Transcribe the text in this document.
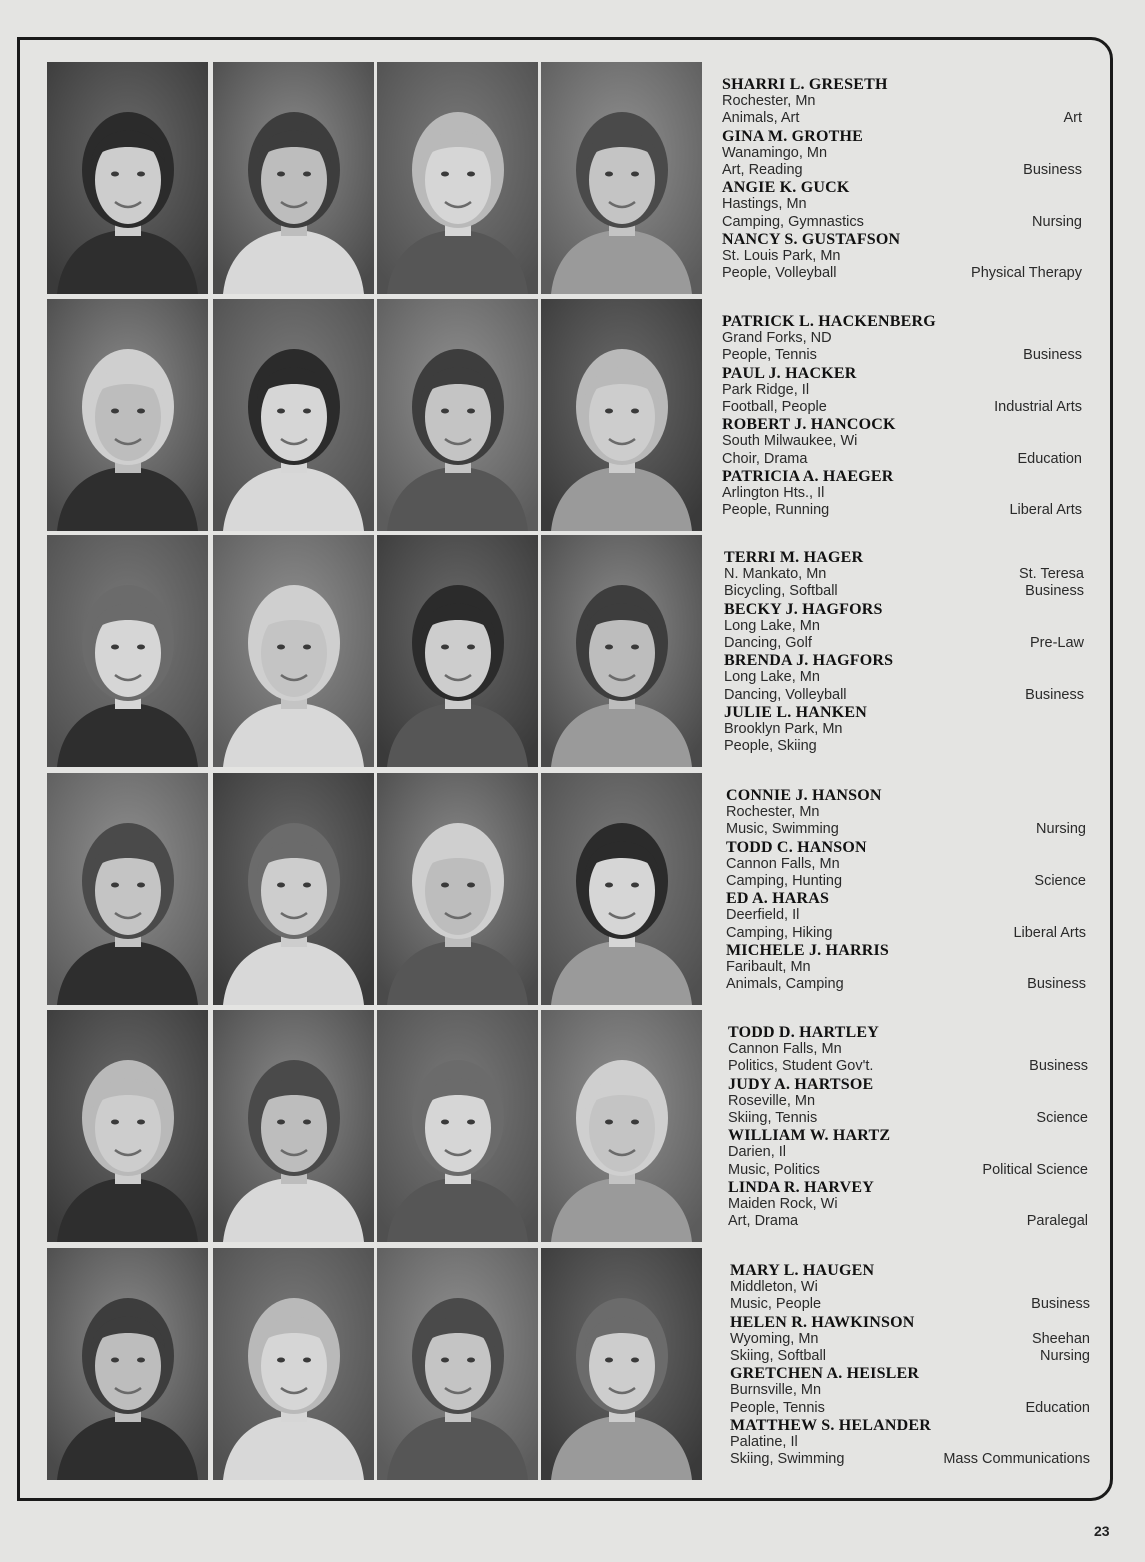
SHARRI L. GRESETH
Rochester, Mn
Animals, Art	Art
GINA M. GROTHE
Wanamingo, Mn
Art, Reading	Business
ANGIE K. GUCK
Hastings, Mn
Camping, Gymnastics	Nursing
NANCY S. GUSTAFSON
St. Louis Park, Mn
People, Volleyball	Physical Therapy
PATRICK L. HACKENBERG
Grand Forks, ND
People, Tennis	Business
PAUL J. HACKER
Park Ridge, Il
Football, People	Industrial Arts
ROBERT J. HANCOCK
South Milwaukee, Wi
Choir, Drama	Education
PATRICIA A. HAEGER
Arlington Hts., Il
People, Running	Liberal Arts
TERRI M. HAGER
N. Mankato, Mn	St. Teresa
Bicycling, Softball	Business
BECKY J. HAGFORS
Long Lake, Mn
Dancing, Golf	Pre-Law
BRENDA J. HAGFORS
Long Lake, Mn
Dancing, Volleyball	Business
JULIE L. HANKEN
Brooklyn Park, Mn
People, Skiing
CONNIE J. HANSON
Rochester, Mn
Music, Swimming	Nursing
TODD C. HANSON
Cannon Falls, Mn
Camping, Hunting	Science
ED A. HARAS
Deerfield, Il
Camping, Hiking	Liberal Arts
MICHELE J. HARRIS
Faribault, Mn
Animals, Camping	Business
TODD D. HARTLEY
Cannon Falls, Mn
Politics, Student Gov't.	Business
JUDY A. HARTSOE
Roseville, Mn
Skiing, Tennis	Science
WILLIAM W. HARTZ
Darien, Il
Music, Politics	Political Science
LINDA R. HARVEY
Maiden Rock, Wi
Art, Drama	Paralegal
MARY L. HAUGEN
Middleton, Wi
Music, People	Business
HELEN R. HAWKINSON
Wyoming, Mn	Sheehan
Skiing, Softball	Nursing
GRETCHEN A. HEISLER
Burnsville, Mn
People, Tennis	Education
MATTHEW S. HELANDER
Palatine, Il
Skiing, Swimming	Mass Communications
23
